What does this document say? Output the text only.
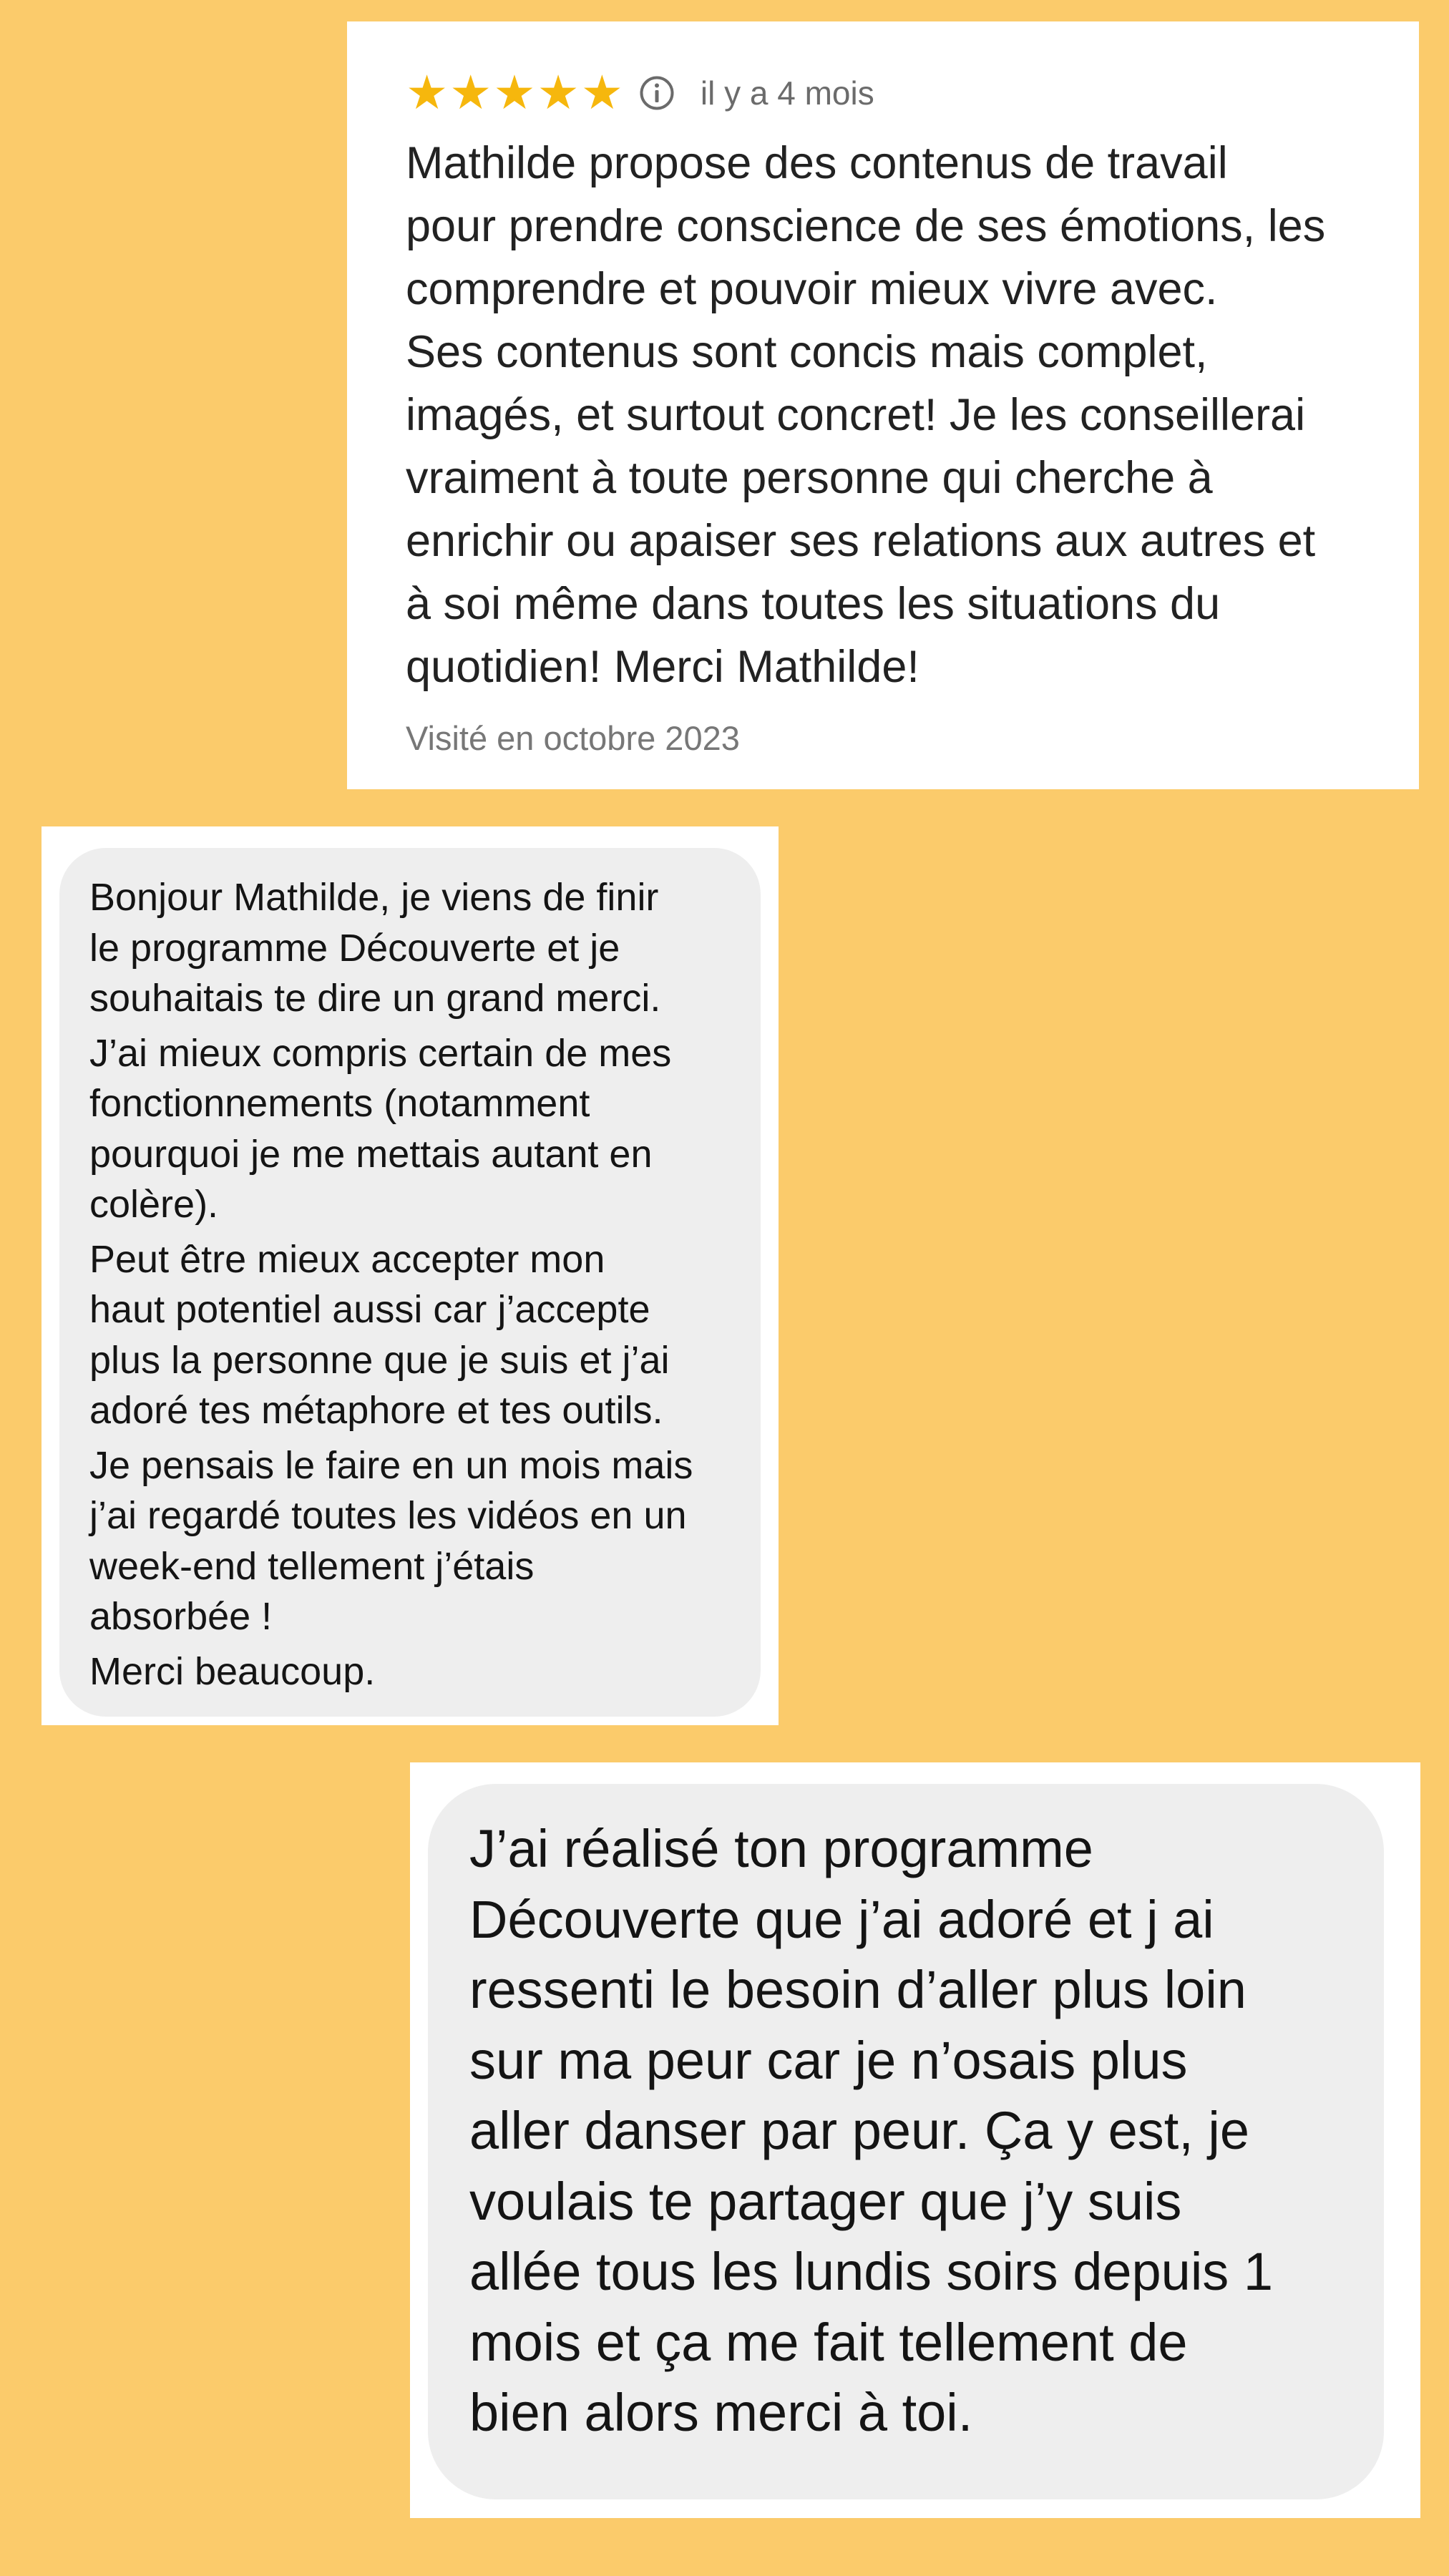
★ ★ ★ ★ ★ il y a 4 mois
Mathilde propose des contenus de travail
pour prendre conscience de ses émotions, les
comprendre et pouvoir mieux vivre avec.
Ses contenus sont concis mais complet,
imagés, et surtout concret! Je les conseillerai
vraiment à toute personne qui cherche à
enrichir ou apaiser ses relations aux autres et
à soi même dans toutes les situations du
quotidien! Merci Mathilde!
Visité en octobre 2023
Bonjour Mathilde, je viens de finir
le programme Découverte et je
souhaitais te dire un grand merci.
J’ai mieux compris certain de mes
fonctionnements (notamment
pourquoi je me mettais autant en
colère).
Peut être mieux accepter mon
haut potentiel aussi car j’accepte
plus la personne que je suis et j’ai
adoré tes métaphore et tes outils.
Je pensais le faire en un mois mais
j’ai regardé toutes les vidéos en un
week-end tellement j’étais
absorbée !
Merci beaucoup.
J’ai réalisé ton programme
Découverte que j’ai adoré et j ai
ressenti le besoin d’aller plus loin
sur ma peur car je n’osais plus
aller danser par peur. Ça y est, je
voulais te partager que j’y suis
allée tous les lundis soirs depuis 1
mois et ça me fait tellement de
bien alors merci à toi.
